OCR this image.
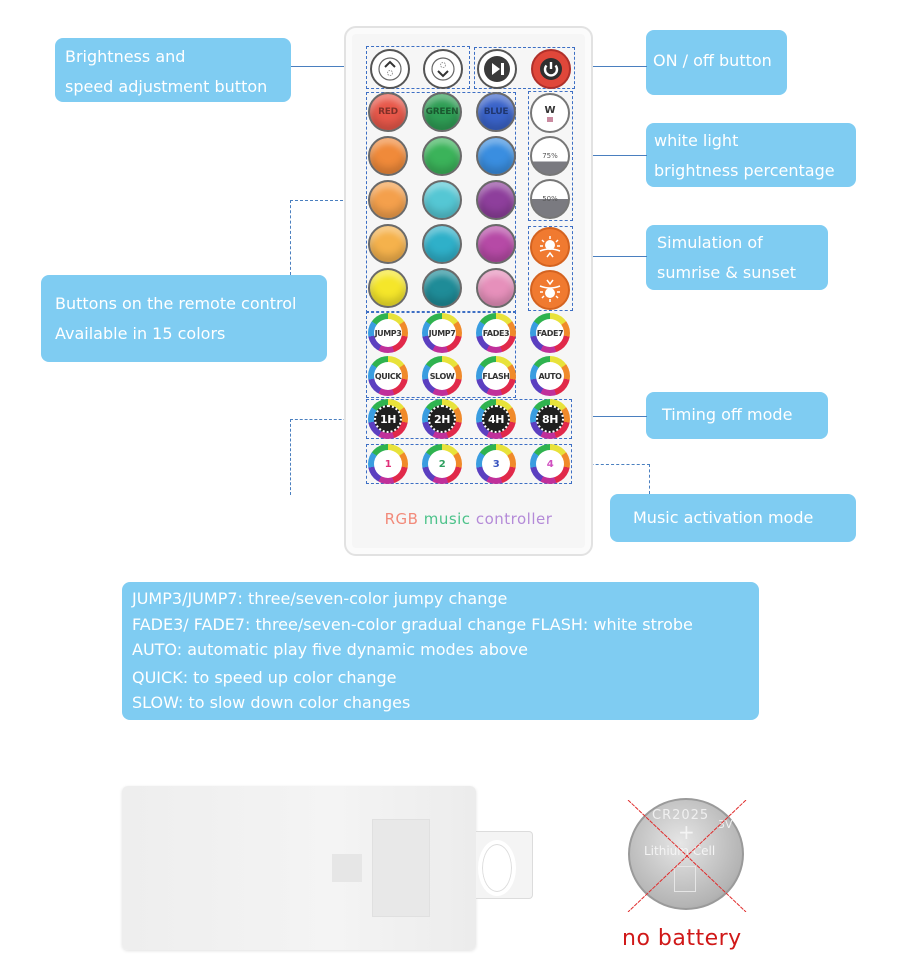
Brightness and
speed adjustment button
ON / off button
white light
brightness percentage
Simulation of
sumrise & sunset
Buttons on the remote control
Available in 15 colors
Timing off mode
Music activation mode
RED	GREEN	BLUE	W
75%
50%
JUMP3	JUMP7	FADE3	FADE7
QUICK	SLOW	FLASH	AUTO
1H	2H	4H	8H
1	2	3	4
RGB music controller
JUMP3/JUMP7: three/seven-color jumpy change
FADE3/ FADE7: three/seven-color gradual change FLASH: white strobe
AUTO: automatic play five dynamic modes above
QUICK: to speed up color change
SLOW: to slow down color changes
CR2025
3V
+
Lithium Cell
no battery
